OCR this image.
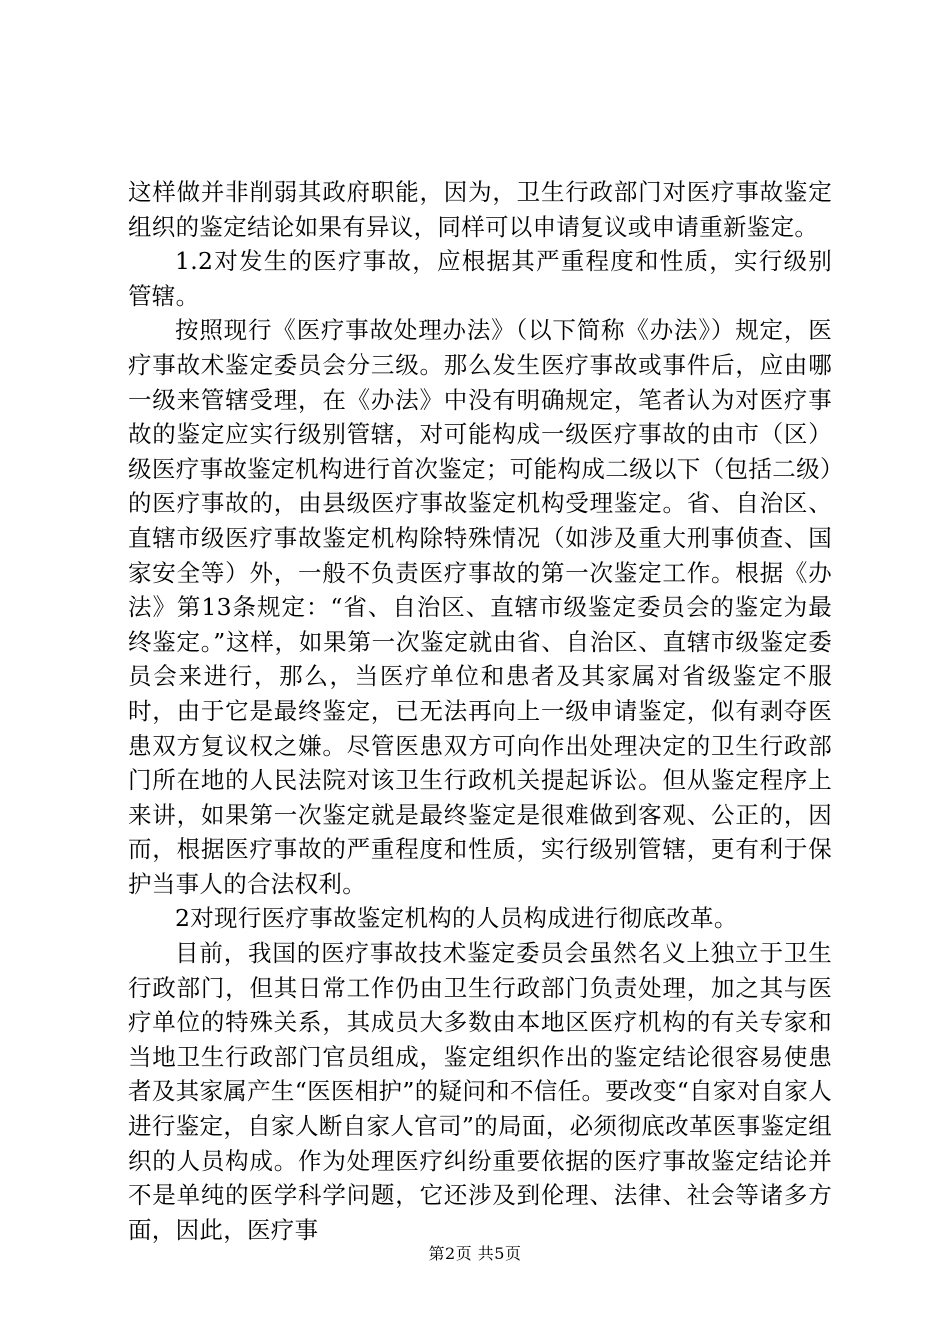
这样做并非削弱其政府职能，因为，卫生行政部门对医疗事故鉴定组织的鉴定结论如果有异议，同样可以申请复议或申请重新鉴定。

1.2对发生的医疗事故，应根据其严重程度和性质，实行级别管辖。

按照现行《医疗事故处理办法》（以下简称《办法》）规定，医疗事故术鉴定委员会分三级。那么发生医疗事故或事件后，应由哪一级来管辖受理，在《办法》中没有明确规定，笔者认为对医疗事故的鉴定应实行级别管辖，对可能构成一级医疗事故的由市（区）级医疗事故鉴定机构进行首次鉴定；可能构成二级以下（包括二级）的医疗事故的，由县级医疗事故鉴定机构受理鉴定。省、自治区、直辖市级医疗事故鉴定机构除特殊情况（如涉及重大刑事侦查、国家安全等）外，一般不负责医疗事故的第一次鉴定工作。根据《办法》第13条规定：“省、自治区、直辖市级鉴定委员会的鉴定为最终鉴定。”这样，如果第一次鉴定就由省、自治区、直辖市级鉴定委员会来进行，那么，当医疗单位和患者及其家属对省级鉴定不服时，由于它是最终鉴定，已无法再向上一级申请鉴定，似有剥夺医患双方复议权之嫌。尽管医患双方可向作出处理决定的卫生行政部门所在地的人民法院对该卫生行政机关提起诉讼。但从鉴定程序上来讲，如果第一次鉴定就是最终鉴定是很难做到客观、公正的，因而，根据医疗事故的严重程度和性质，实行级别管辖，更有利于保护当事人的合法权利。

2对现行医疗事故鉴定机构的人员构成进行彻底改革。

目前，我国的医疗事故技术鉴定委员会虽然名义上独立于卫生行政部门，但其日常工作仍由卫生行政部门负责处理，加之其与医疗单位的特殊关系，其成员大多数由本地区医疗机构的有关专家和当地卫生行政部门官员组成，鉴定组织作出的鉴定结论很容易使患者及其家属产生“医医相护”的疑问和不信任。要改变“自家对自家人进行鉴定，自家人断自家人官司”的局面，必须彻底改革医事鉴定组织的人员构成。作为处理医疗纠纷重要依据的医疗事故鉴定结论并不是单纯的医学科学问题，它还涉及到伦理、法律、社会等诸多方面，因此，医疗事

第2页 共5页
